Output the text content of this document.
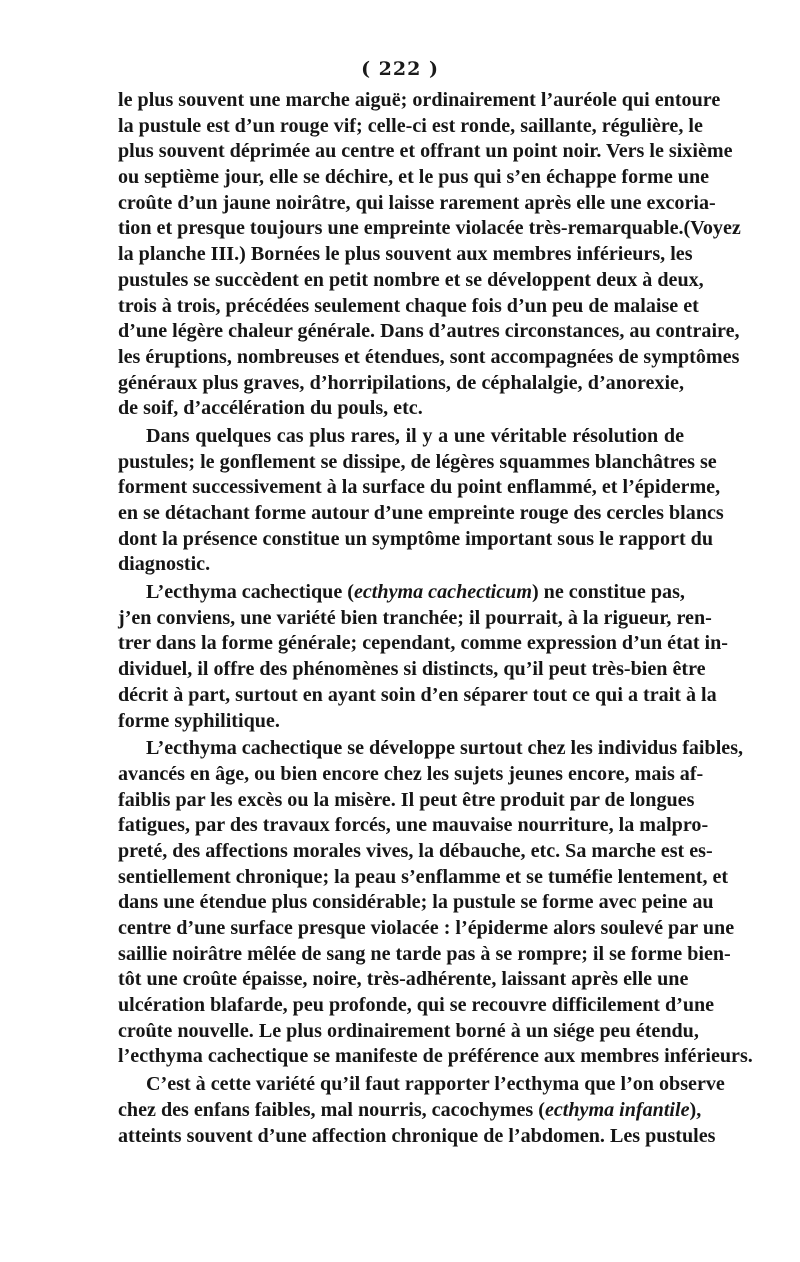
( 222 )
le plus souvent une marche aiguë; ordinairement l’auréole qui entoure
la pustule est d’un rouge vif; celle-ci est ronde, saillante, régulière, le
plus souvent déprimée au centre et offrant un point noir. Vers le sixième
ou septième jour, elle se déchire, et le pus qui s’en échappe forme une
croûte d’un jaune noirâtre, qui laisse rarement après elle une excoria-
tion et presque toujours une empreinte violacée très-remarquable.(Voyez
la planche III.) Bornées le plus souvent aux membres inférieurs, les
pustules se succèdent en petit nombre et se développent deux à deux,
trois à trois, précédées seulement chaque fois d’un peu de malaise et
d’une légère chaleur générale. Dans d’autres circonstances, au contraire,
les éruptions, nombreuses et étendues, sont accompagnées de symptômes
généraux plus graves, d’horripilations, de céphalalgie, d’anorexie,
de soif, d’accélération du pouls, etc.
Dans quelques cas plus rares, il y a une véritable résolution de
pustules; le gonflement se dissipe, de légères squammes blanchâtres se
forment successivement à la surface du point enflammé, et l’épiderme,
en se détachant forme autour d’une empreinte rouge des cercles blancs
dont la présence constitue un symptôme important sous le rapport du
diagnostic.
L’ecthyma cachectique (ecthyma cachecticum) ne constitue pas,
j’en conviens, une variété bien tranchée; il pourrait, à la rigueur, ren-
trer dans la forme générale; cependant, comme expression d’un état in-
dividuel, il offre des phénomènes si distincts, qu’il peut très-bien être
décrit à part, surtout en ayant soin d’en séparer tout ce qui a trait à la
forme syphilitique.
L’ecthyma cachectique se développe surtout chez les individus faibles,
avancés en âge, ou bien encore chez les sujets jeunes encore, mais af-
faiblis par les excès ou la misère. Il peut être produit par de longues
fatigues, par des travaux forcés, une mauvaise nourriture, la malpro-
preté, des affections morales vives, la débauche, etc. Sa marche est es-
sentiellement chronique; la peau s’enflamme et se tuméfie lentement, et
dans une étendue plus considérable; la pustule se forme avec peine au
centre d’une surface presque violacée : l’épiderme alors soulevé par une
saillie noirâtre mêlée de sang ne tarde pas à se rompre; il se forme bien-
tôt une croûte épaisse, noire, très-adhérente, laissant après elle une
ulcération blafarde, peu profonde, qui se recouvre difficilement d’une
croûte nouvelle. Le plus ordinairement borné à un siége peu étendu,
l’ecthyma cachectique se manifeste de préférence aux membres inférieurs.
C’est à cette variété qu’il faut rapporter l’ecthyma que l’on observe
chez des enfans faibles, mal nourris, cacochymes (ecthyma infantile),
atteints souvent d’une affection chronique de l’abdomen. Les pustules
